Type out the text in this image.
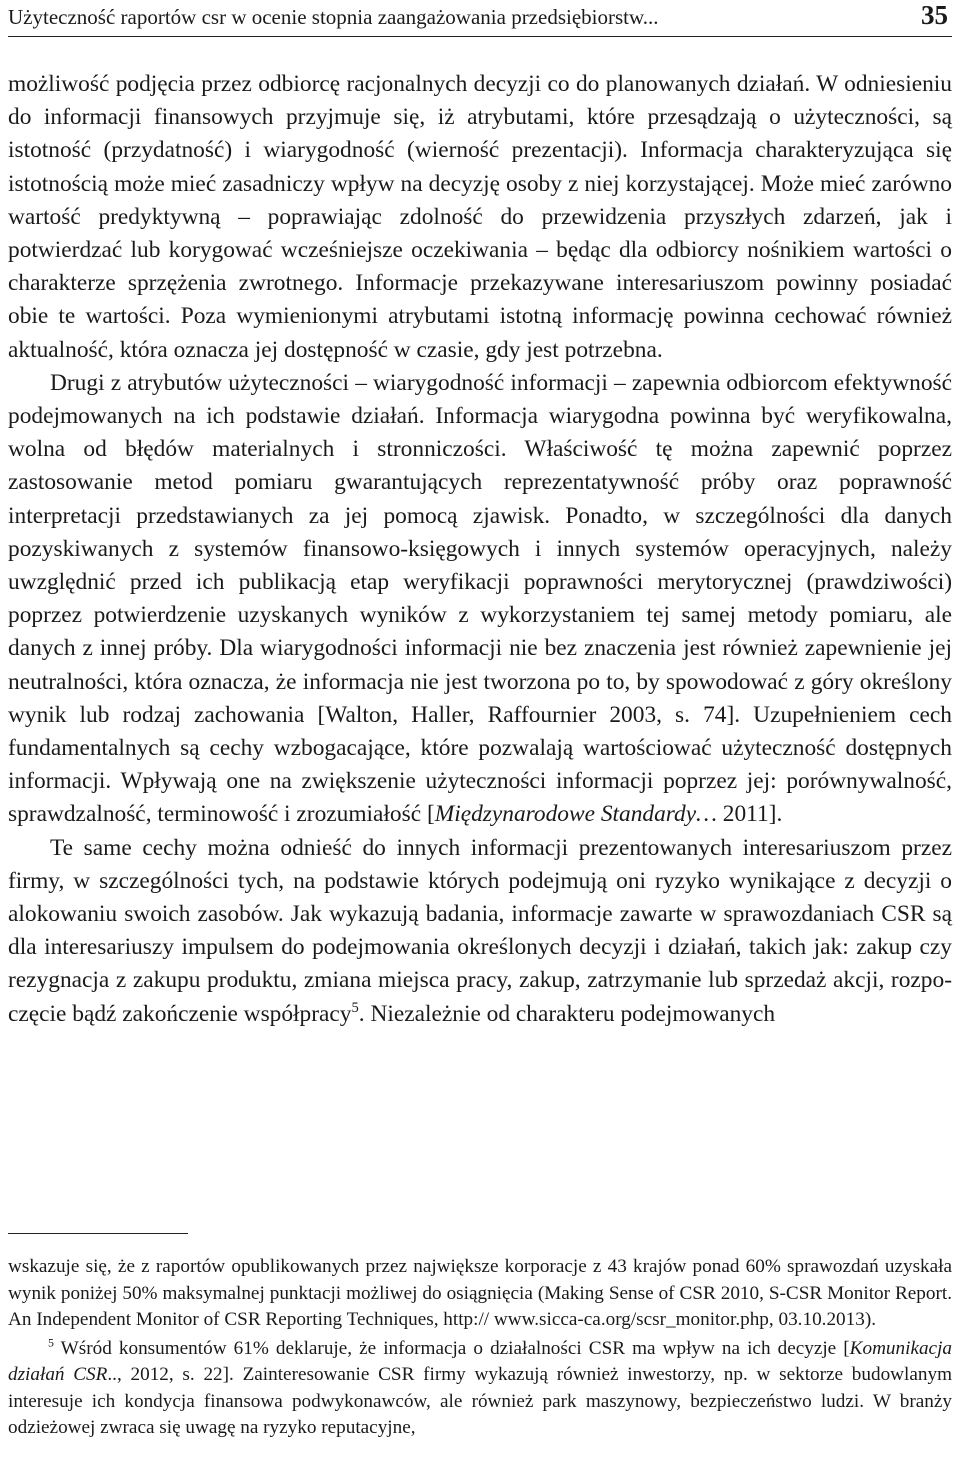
Użyteczność raportów csr w ocenie stopnia zaangażowania przedsiębiorstw...	35

możliwość podjęcia przez odbiorcę racjonalnych decyzji co do planowanych działań. W odniesieniu do informacji finansowych przyjmuje się, iż atrybutami, które przesądzają o użyteczności, są istotność (przydatność) i wiarygodność (wierność prezentacji). Informacja charakteryzująca się istotnością może mieć zasadniczy wpływ na decyzję osoby z niej korzystającej. Może mieć zarówno wartość predyktywną – poprawiając zdolność do przewidzenia przyszłych zdarzeń, jak i potwierdzać lub korygować wcześniejsze oczekiwania – będąc dla odbiorcy nośnikiem wartości o charakterze sprzężenia zwrotnego. Informacje przekazywane interesariuszom powinny posiadać obie te wartości. Poza wymienionymi atrybutami istotną informację powinna cechować również aktualność, która oznacza jej dostępność w czasie, gdy jest potrzebna.

Drugi z atrybutów użyteczności – wiarygodność informacji – zapewnia odbiorcom efektywność podejmowanych na ich podstawie działań. Informacja wiarygodna powinna być weryfikowalna, wolna od błędów materialnych i stronniczości. Właściwość tę można zapewnić poprzez zastosowanie metod pomiaru gwarantujących reprezentatywność próby oraz poprawność interpretacji przedstawianych za jej pomocą zjawisk. Ponadto, w szczególności dla danych pozyskiwanych z systemów finansowo-księgowych i innych systemów operacyjnych, należy uwzględnić przed ich publikacją etap weryfikacji poprawności merytorycznej (prawdziwości) poprzez potwierdzenie uzyskanych wyników z wykorzystaniem tej samej metody pomiaru, ale danych z innej próby. Dla wiarygodności informacji nie bez znaczenia jest również zapewnienie jej neutralności, która oznacza, że informacja nie jest tworzona po to, by spowodować z góry określony wynik lub rodzaj zachowania [Walton, Haller, Raffournier 2003, s. 74]. Uzupełnieniem cech fundamentalnych są cechy wzbogacające, które pozwalają wartościować użyteczność dostępnych informacji. Wpływają one na zwiększenie użyteczności informacji poprzez jej: porównywalność, sprawdzalność, terminowość i zrozumiałość [Międzynarodowe Standardy… 2011].

Te same cechy można odnieść do innych informacji prezentowanych interesariuszom przez firmy, w szczególności tych, na podstawie których podejmują oni ryzyko wynikające z decyzji o alokowaniu swoich zasobów. Jak wykazują badania, informacje zawarte w sprawozdaniach CSR są dla interesariuszy impulsem do podejmowania określonych decyzji i działań, takich jak: zakup czy rezygnacja z zakupu produktu, zmiana miejsca pracy, zakup, zatrzymanie lub sprzedaż akcji, rozpoczęcie bądź zakończenie współpracy$^5$. Niezależnie od charakteru podejmowanych

wskazuje się, że z raportów opublikowanych przez największe korporacje z 43 krajów ponad 60% sprawozdań uzyskała wynik poniżej 50% maksymalnej punktacji możliwej do osiągnięcia (Making Sense of CSR 2010, S-CSR Monitor Report. An Independent Monitor of CSR Reporting Techniques, http:// www.sicca-ca.org/scsr_monitor.php, 03.10.2013).

$^5$ Wśród konsumentów 61% deklaruje, że informacja o działalności CSR ma wpływ na ich decyzje [Komunikacja działań CSR.., 2012, s. 22]. Zainteresowanie CSR firmy wykazują również inwestorzy, np. w sektorze budowlanym interesuje ich kondycja finansowa podwykonawców, ale również park maszynowy, bezpieczeństwo ludzi. W branży odzieżowej zwraca się uwagę na ryzyko reputacyjne,
